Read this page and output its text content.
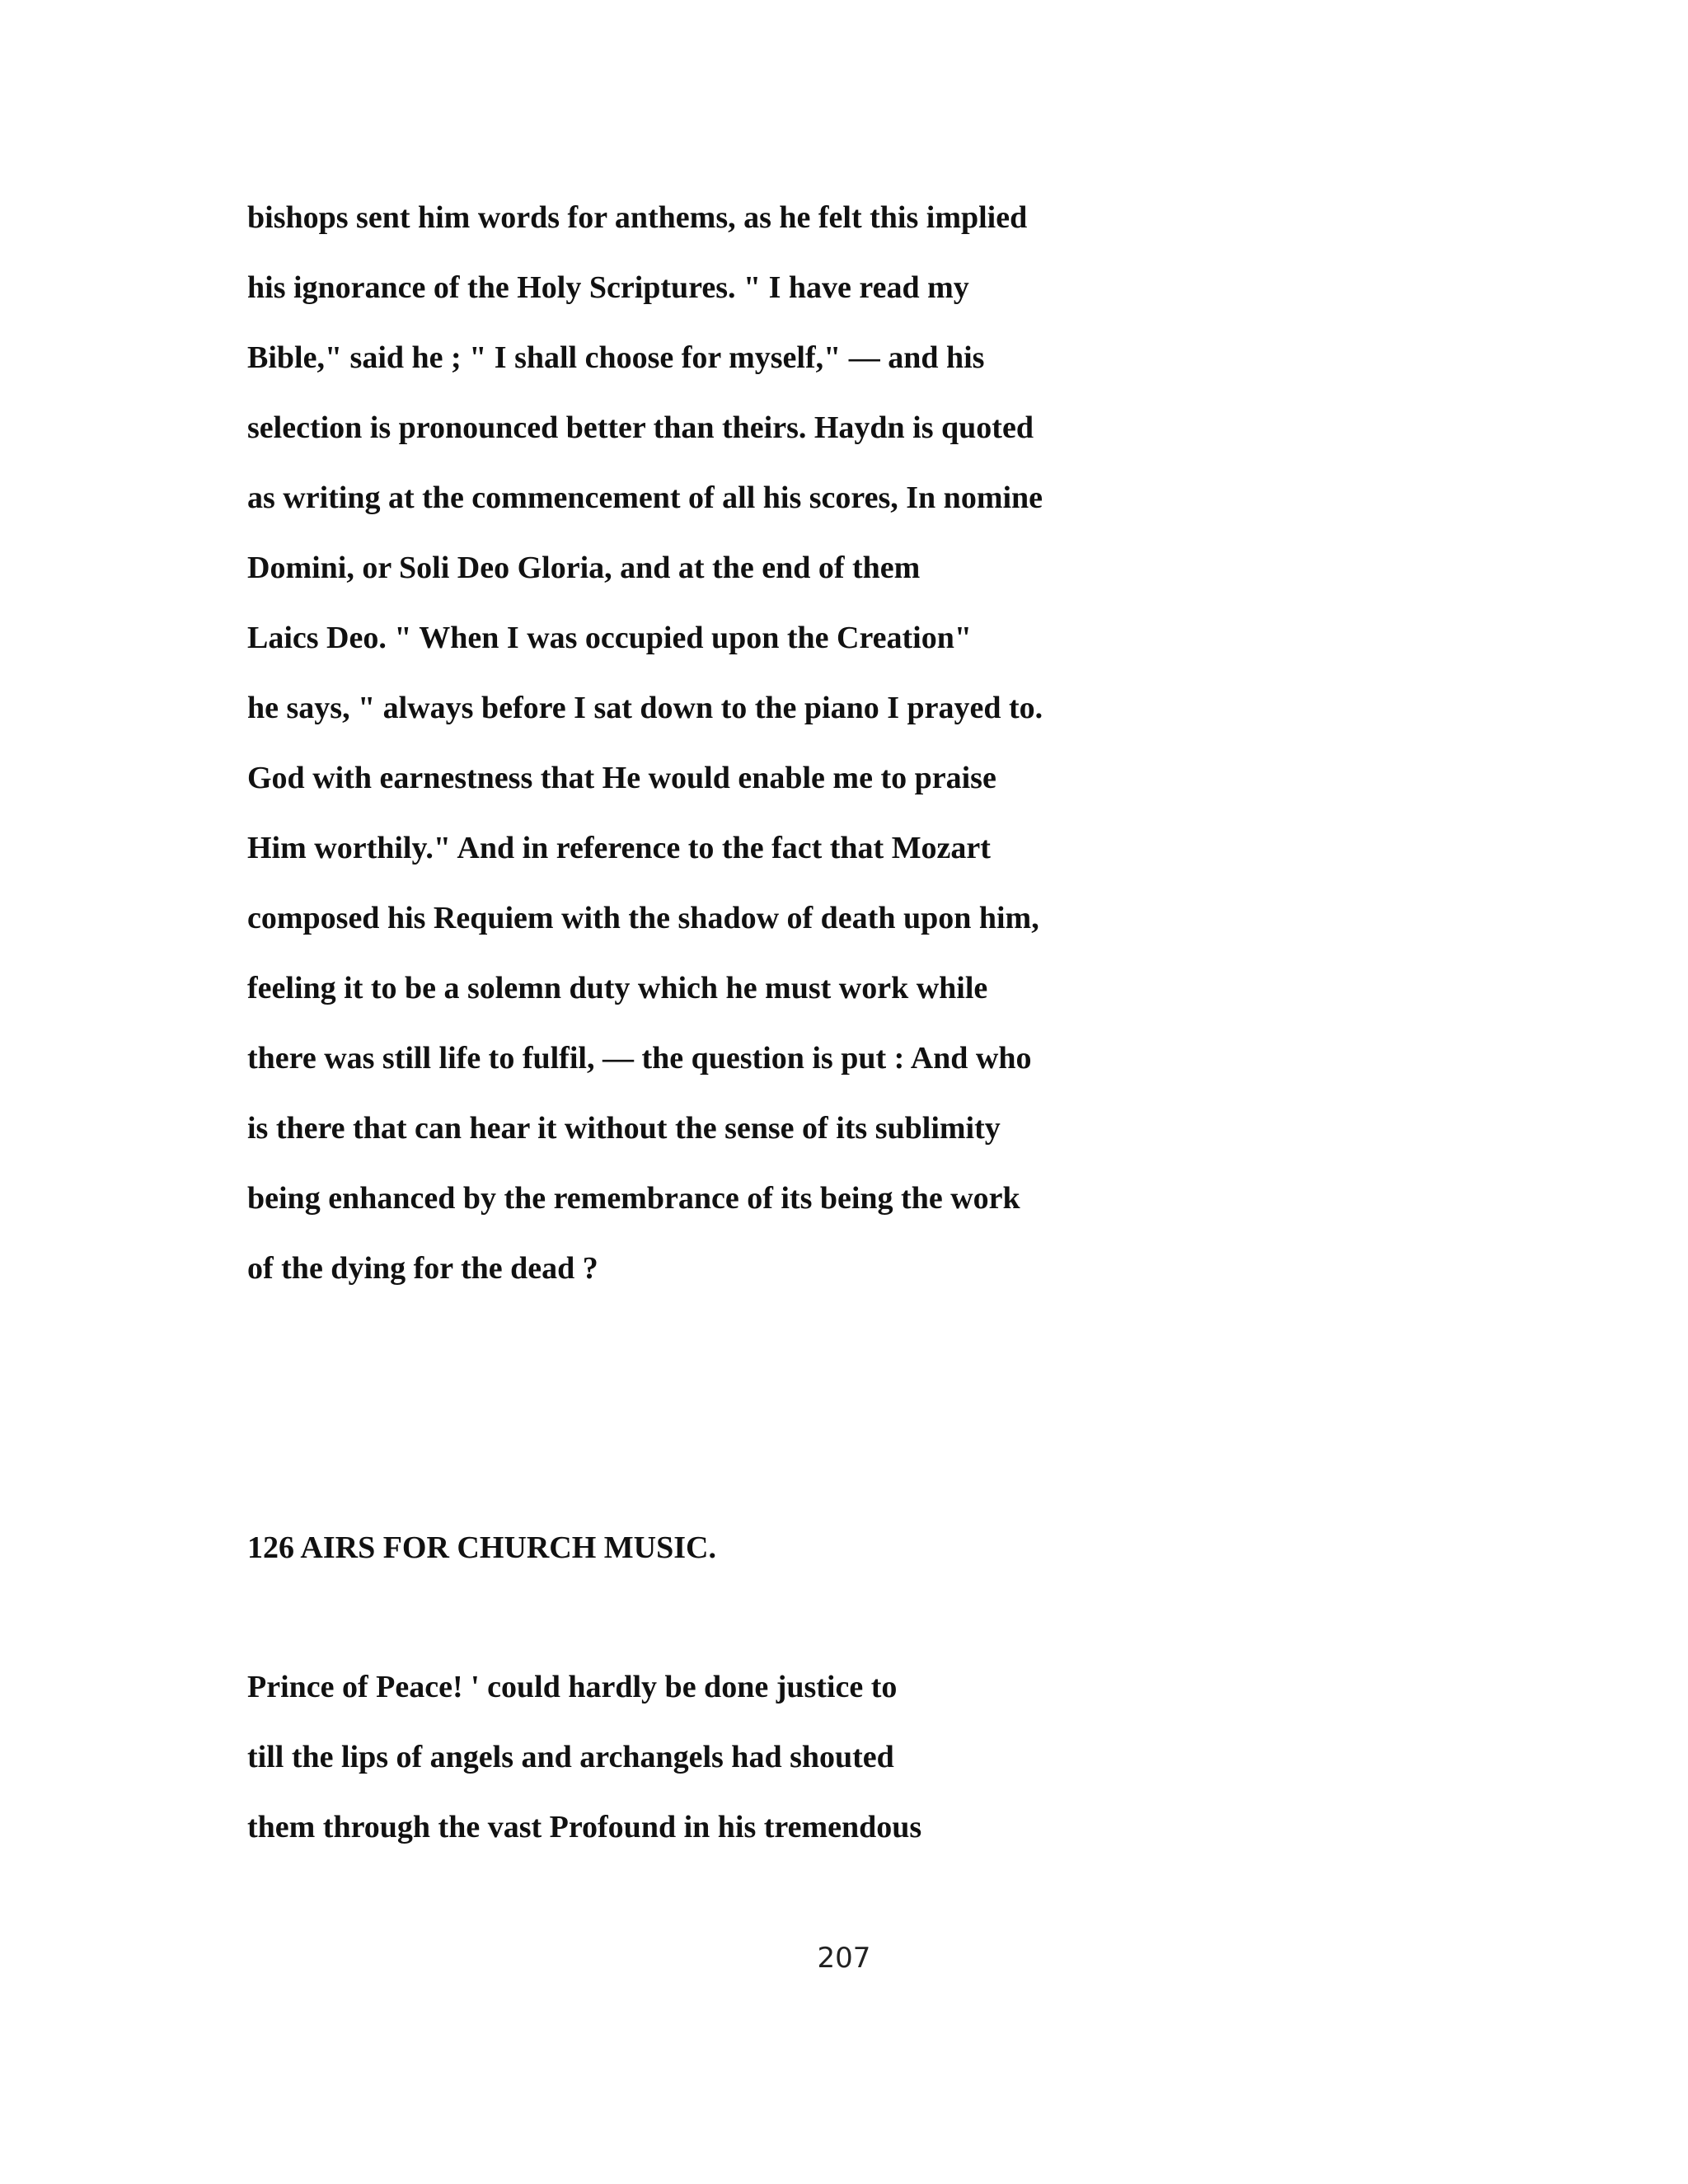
bishops sent him words for anthems, as he felt this implied

his ignorance of the Holy Scriptures. " I have read my

Bible," said he ; " I shall choose for myself," — and his

selection is pronounced better than theirs. Haydn is quoted

as writing at the commencement of all his scores, In nomine

Domini, or Soli Deo Gloria, and at the end of them

Laics Deo. " When I was occupied upon the Creation"

he says, " always before I sat down to the piano I prayed to.

God with earnestness that He would enable me to praise

Him worthily." And in reference to the fact that Mozart

composed his Requiem with the shadow of death upon him,

feeling it to be a solemn duty which he must work while

there was still life to fulfil, — the question is put : And who

is there that can hear it without the sense of its sublimity

being enhanced by the remembrance of its being the work

of the dying for the dead ?

126 AIRS FOR CHURCH MUSIC.

Prince of Peace! ' could hardly be done justice to

till the lips of angels and archangels had shouted

them through the vast Profound in his tremendous

207
